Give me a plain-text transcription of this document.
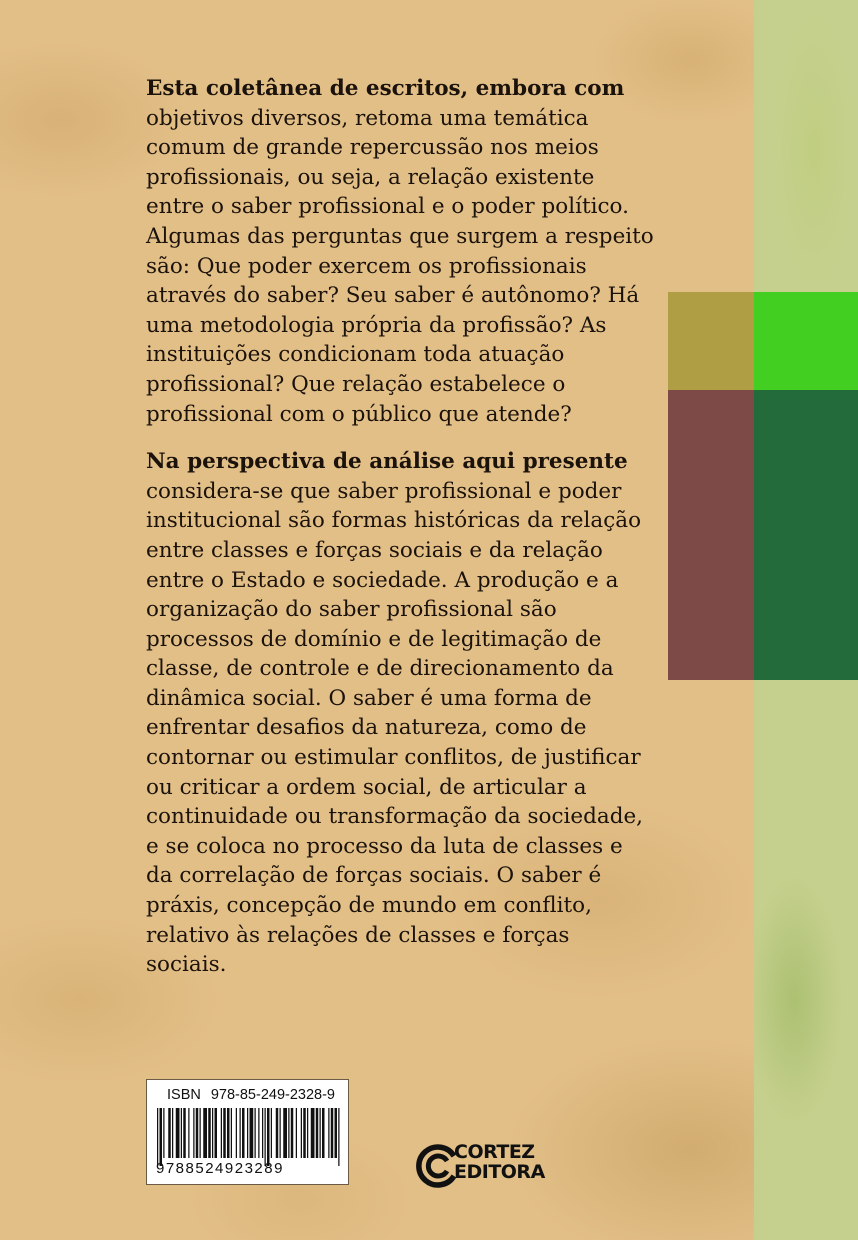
Esta coletânea de escritos, embora com objetivos diversos, retoma uma temática comum de grande repercussão nos meios profissionais, ou seja, a relação existente entre o saber profissional e o poder político. Algumas das perguntas que surgem a respeito são: Que poder exercem os profissionais através do saber? Seu saber é autônomo? Há uma metodologia própria da profissão? As instituições condicionam toda atuação profissional? Que relação estabelece o profissional com o público que atende?

Na perspectiva de análise aqui presente considera-se que saber profissional e poder institucional são formas históricas da relação entre classes e forças sociais e da relação entre o Estado e sociedade. A produção e a organização do saber profissional são processos de domínio e de legitimação de classe, de controle e de direcionamento da dinâmica social. O saber é uma forma de enfrentar desafios da natureza, como de contornar ou estimular conflitos, de justificar ou criticar a ordem social, de articular a continuidade ou transformação da sociedade, e se coloca no processo da luta de classes e da correlação de forças sociais. O saber é práxis, concepção de mundo em conflito, relativo às relações de classes e forças sociais.

ISBN 978-85-249-2328-9
9788524923289
CORTEZ
EDITORA
